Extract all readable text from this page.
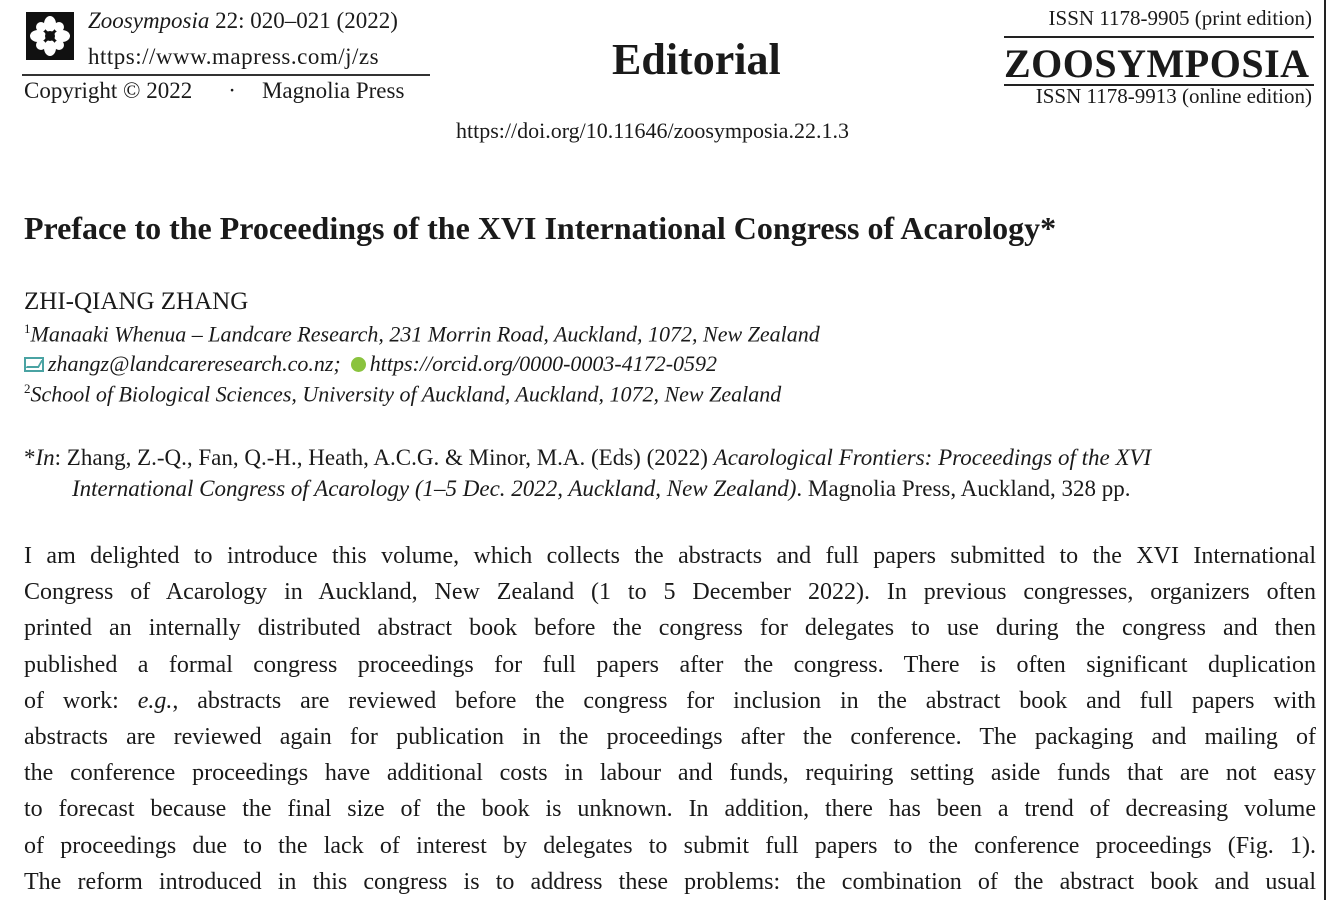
Zoosymposia 22: 020–021 (2022)
https://www.mapress.com/j/zs
Copyright © 2022 · Magnolia Press
Editorial
https://doi.org/10.11646/zoosymposia.22.1.3
ISSN 1178-9905 (print edition)
ZOOSYMPOSIA
ISSN 1178-9913 (online edition)
Preface to the Proceedings of the XVI International Congress of Acarology*
ZHI-QIANG ZHANG
$^1$Manaaki Whenua – Landcare Research, 231 Morrin Road, Auckland, 1072, New Zealand
zhangz@landcareresearch.co.nz; https://orcid.org/0000-0003-4172-0592
$^2$School of Biological Sciences, University of Auckland, Auckland, 1072, New Zealand
*In: Zhang, Z.-Q., Fan, Q.-H., Heath, A.C.G. & Minor, M.A. (Eds) (2022) Acarological Frontiers: Proceedings of the XVI
International Congress of Acarology (1–5 Dec. 2022, Auckland, New Zealand). Magnolia Press, Auckland, 328 pp.
I am delighted to introduce this volume, which collects the abstracts and full papers submitted to the XVI International
Congress of Acarology in Auckland, New Zealand (1 to 5 December 2022). In previous congresses, organizers often
printed an internally distributed abstract book before the congress for delegates to use during the congress and then
published a formal congress proceedings for full papers after the congress. There is often significant duplication
of work: e.g., abstracts are reviewed before the congress for inclusion in the abstract book and full papers with
abstracts are reviewed again for publication in the proceedings after the conference. The packaging and mailing of
the conference proceedings have additional costs in labour and funds, requiring setting aside funds that are not easy
to forecast because the final size of the book is unknown. In addition, there has been a trend of decreasing volume
of proceedings due to the lack of interest by delegates to submit full papers to the conference proceedings (Fig. 1).
The reform introduced in this congress is to address these problems: the combination of the abstract book and usual
